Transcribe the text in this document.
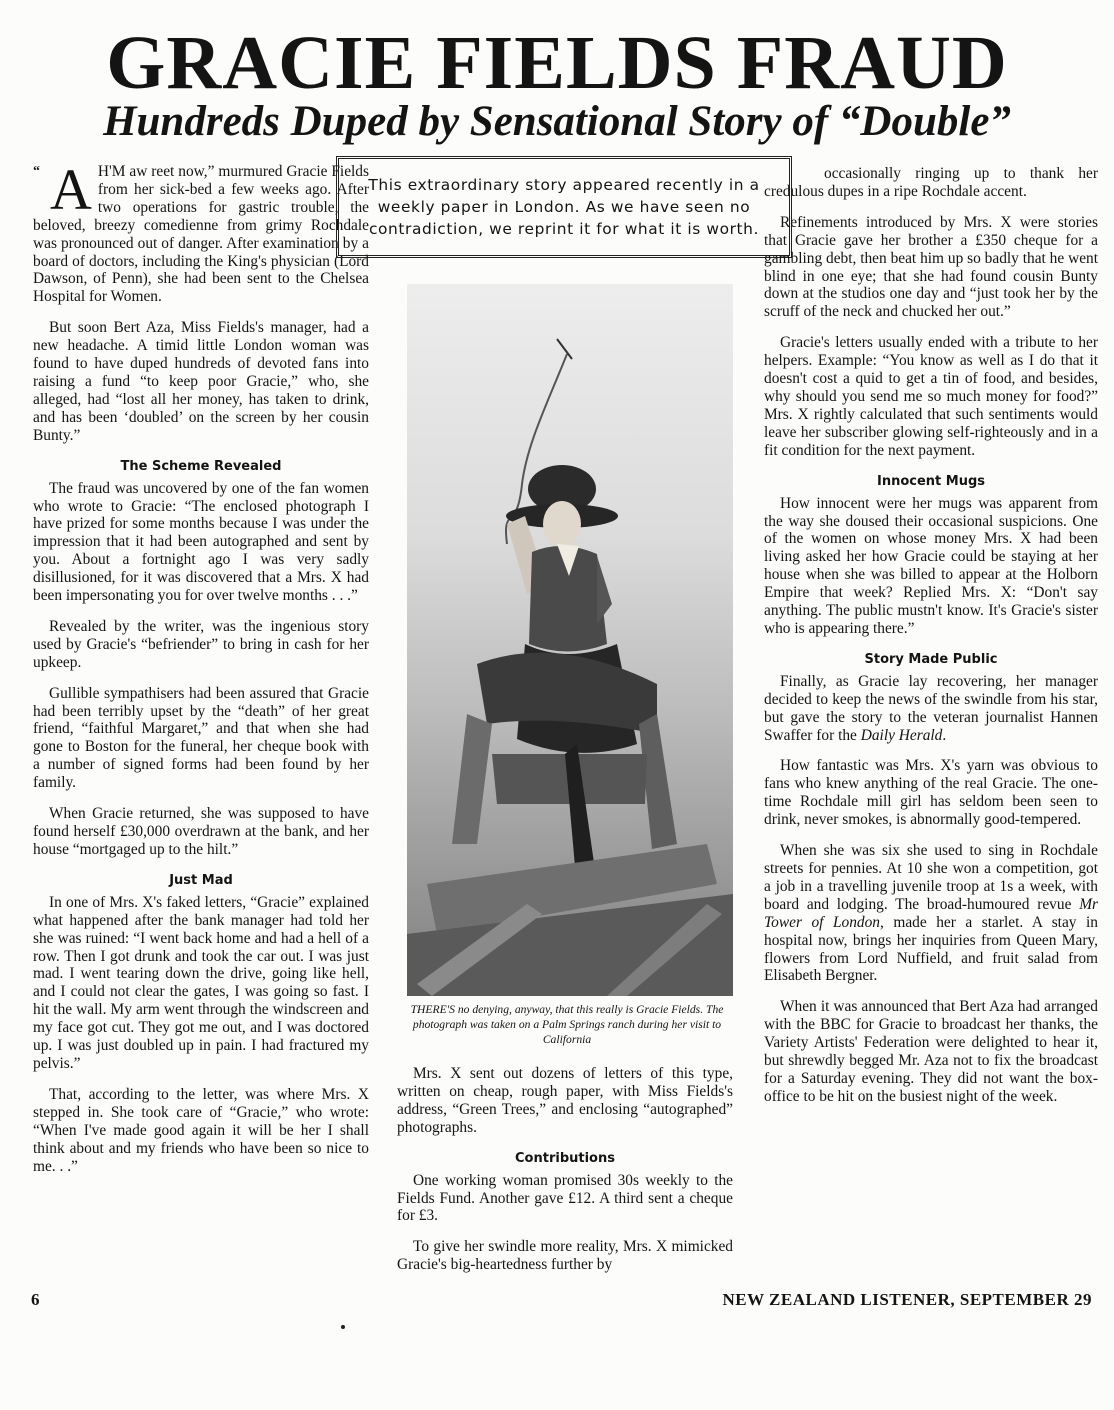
GRACIE FIELDS FRAUD
Hundreds Duped by Sensational Story of “Double”

“ A H'M aw reet now,” murmured Gracie Fields from her sick-bed a few weeks ago. After two operations for gastric trouble, the beloved, breezy comedienne from grimy Rochdale was pronounced out of danger. After examination by a board of doctors, including the King's physician (Lord Dawson, of Penn), she had been sent to the Chelsea Hospital for Women.

But soon Bert Aza, Miss Fields's manager, had a new headache. A timid little London woman was found to have duped hundreds of devoted fans into raising a fund “to keep poor Gracie,” who, she alleged, had “lost all her money, has taken to drink, and has been ‘doubled’ on the screen by her cousin Bunty.”

The Scheme Revealed

The fraud was uncovered by one of the fan women who wrote to Gracie: “The enclosed photograph I have prized for some months because I was under the impression that it had been autographed and sent by you. About a fortnight ago I was very sadly disillusioned, for it was discovered that a Mrs. X had been impersonating you for over twelve months . . .”

Revealed by the writer, was the ingenious story used by Gracie's “befriender” to bring in cash for her upkeep.

Gullible sympathisers had been assured that Gracie had been terribly upset by the “death” of her great friend, “faithful Margaret,” and that when she had gone to Boston for the funeral, her cheque book with a number of signed forms had been found by her family.

When Gracie returned, she was supposed to have found herself £30,000 overdrawn at the bank, and her house “mortgaged up to the hilt.”

Just Mad

In one of Mrs. X's faked letters, “Gracie” explained what happened after the bank manager had told her she was ruined: “I went back home and had a hell of a row. Then I got drunk and took the car out. I was just mad. I went tearing down the drive, going like hell, and I could not clear the gates, I was going so fast. I hit the wall. My arm went through the windscreen and my face got cut. They got me out, and I was doctored up. I was just doubled up in pain. I had fractured my pelvis.”

That, according to the letter, was where Mrs. X stepped in. She took care of “Gracie,” who wrote: “When I've made good again it will be her I shall think about and my friends who have been so nice to me. . .”

This extraordinary story appeared recently in a weekly paper in London. As we have seen no contradiction, we reprint it for what it is worth.
THERE'S no denying, anyway, that this really is Gracie Fields. The photograph was taken on a Palm Springs ranch during her visit to California

Mrs. X sent out dozens of letters of this type, written on cheap, rough paper, with Miss Fields's address, “Green Trees,” and enclosing “autographed” photographs.

Contributions

One working woman promised 30s weekly to the Fields Fund. Another gave £12. A third sent a cheque for £3.

To give her swindle more reality, Mrs. X mimicked Gracie's big-heartedness further by

occasionally ringing up to thank her credulous dupes in a ripe Rochdale accent.

Refinements introduced by Mrs. X were stories that Gracie gave her brother a £350 cheque for a gambling debt, then beat him up so badly that he went blind in one eye; that she had found cousin Bunty down at the studios one day and “just took her by the scruff of the neck and chucked her out.”

Gracie's letters usually ended with a tribute to her helpers. Example: “You know as well as I do that it doesn't cost a quid to get a tin of food, and besides, why should you send me so much money for food?” Mrs. X rightly calculated that such sentiments would leave her subscriber glowing self-righteously and in a fit condition for the next payment.

Innocent Mugs

How innocent were her mugs was apparent from the way she doused their occasional suspicions. One of the women on whose money Mrs. X had been living asked her how Gracie could be staying at her house when she was billed to appear at the Holborn Empire that week? Replied Mrs. X: “Don't say anything. The public mustn't know. It's Gracie's sister who is appearing there.”

Story Made Public

Finally, as Gracie lay recovering, her manager decided to keep the news of the swindle from his star, but gave the story to the veteran journalist Hannen Swaffer for the Daily Herald.

How fantastic was Mrs. X's yarn was obvious to fans who knew anything of the real Gracie. The one-time Rochdale mill girl has seldom been seen to drink, never smokes, is abnormally good-tempered.

When she was six she used to sing in Rochdale streets for pennies. At 10 she won a competition, got a job in a travelling juvenile troop at 1s a week, with board and lodging. The broad-humoured revue Mr Tower of London, made her a starlet. A stay in hospital now, brings her inquiries from Queen Mary, flowers from Lord Nuffield, and fruit salad from Elisabeth Bergner.

When it was announced that Bert Aza had arranged with the BBC for Gracie to broadcast her thanks, the Variety Artists' Federation were delighted to hear it, but shrewdly begged Mr. Aza not to fix the broadcast for a Saturday evening. They did not want the box-office to be hit on the busiest night of the week.

6	NEW ZEALAND LISTENER, SEPTEMBER 29
